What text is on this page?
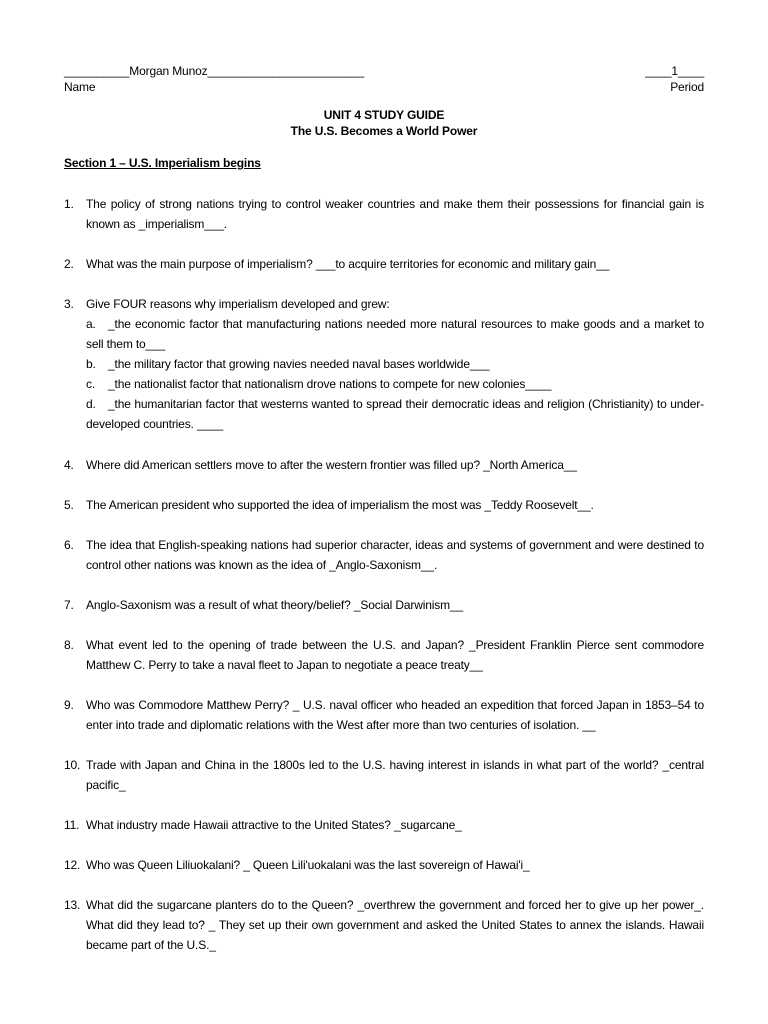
__________Morgan Munoz________________________
Name
____1____
Period
UNIT 4 STUDY GUIDE
The U.S. Becomes a World Power
Section 1 – U.S. Imperialism begins
1. The policy of strong nations trying to control weaker countries and make them their possessions for financial gain is known as _imperialism___.
2. What was the main purpose of imperialism? ___to acquire territories for economic and military gain__
3. Give FOUR reasons why imperialism developed and grew:
a. _the economic factor that manufacturing nations needed more natural resources to make goods and a market to sell them to___
b. _the military factor that growing navies needed naval bases worldwide___
c. _the nationalist factor that nationalism drove nations to compete for new colonies____
d. _the humanitarian factor that westerns wanted to spread their democratic ideas and religion (Christianity) to under-developed countries. ____
4. Where did American settlers move to after the western frontier was filled up? _North America__
5. The American president who supported the idea of imperialism the most was _Teddy Roosevelt__.
6. The idea that English-speaking nations had superior character, ideas and systems of government and were destined to control other nations was known as the idea of _Anglo-Saxonism__.
7. Anglo-Saxonism was a result of what theory/belief? _Social Darwinism__
8. What event led to the opening of trade between the U.S. and Japan? _President Franklin Pierce sent commodore Matthew C. Perry to take a naval fleet to Japan to negotiate a peace treaty__
9. Who was Commodore Matthew Perry? _ U.S. naval officer who headed an expedition that forced Japan in 1853–54 to enter into trade and diplomatic relations with the West after more than two centuries of isolation. __
10. Trade with Japan and China in the 1800s led to the U.S. having interest in islands in what part of the world? _central pacific_
11. What industry made Hawaii attractive to the United States? _sugarcane_
12. Who was Queen Liliuokalani? _ Queen Lili'uokalani was the last sovereign of Hawai'i_
13. What did the sugarcane planters do to the Queen? _overthrew the government and forced her to give up her power_. What did they lead to? _ They set up their own government and asked the United States to annex the islands. Hawaii became part of the U.S._
